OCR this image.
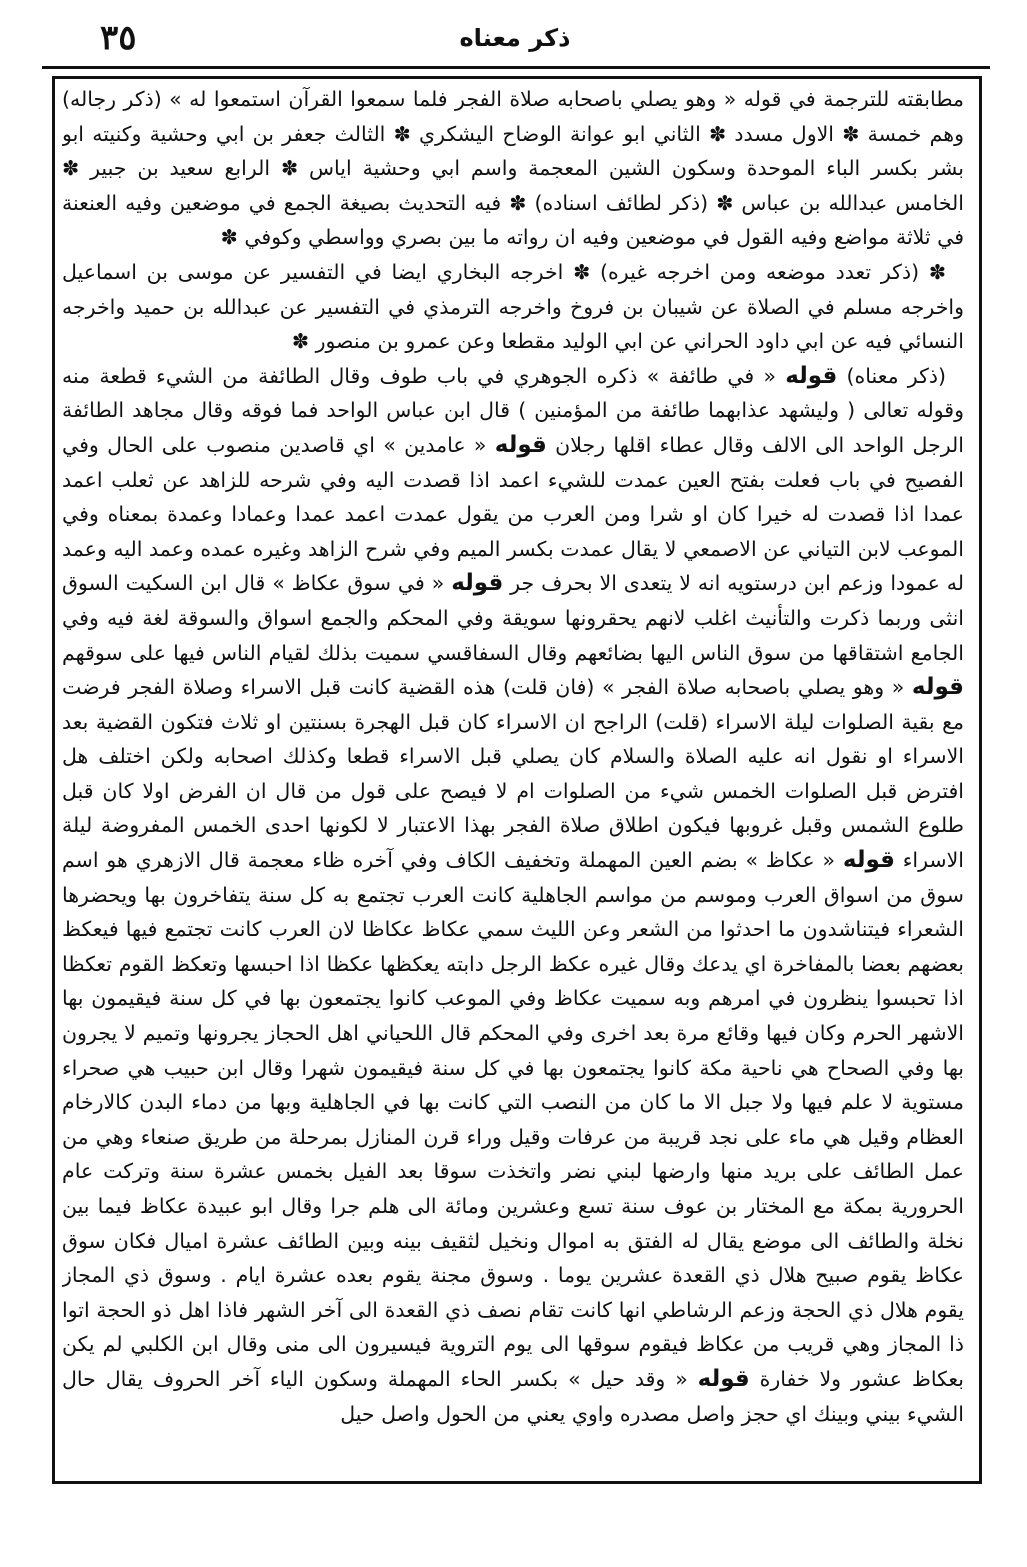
٣٥	ذكر معناه

مطابقته للترجمة في قوله « وهو يصلي باصحابه صلاة الفجر فلما سمعوا القرآن استمعوا له » (ذكر رجاله) وهم خمسة ✽ الاول مسدد ✽ الثاني ابو عوانة الوضاح اليشكري ✽ الثالث جعفر بن ابي وحشية وكنيته ابو بشر بكسر الباء الموحدة وسكون الشين المعجمة واسم ابي وحشية اياس ✽ الرابع سعيد بن جبير ✽ الخامس عبدالله بن عباس ✽ (ذكر لطائف اسناده) ✽ فيه التحديث بصيغة الجمع في موضعين وفيه العنعنة في ثلاثة مواضع وفيه القول في موضعين وفيه ان رواته ما بين بصري وواسطي وكوفي ✽

✽ (ذكر تعدد موضعه ومن اخرجه غيره) ✽ اخرجه البخاري ايضا في التفسير عن موسى بن اسماعيل واخرجه مسلم في الصلاة عن شيبان بن فروخ واخرجه الترمذي في التفسير عن عبدالله بن حميد واخرجه النسائي فيه عن ابي داود الحراني عن ابي الوليد مقطعا وعن عمرو بن منصور ✽

(ذكر معناه) قوله « في طائفة » ذكره الجوهري في باب طوف وقال الطائفة من الشيء قطعة منه وقوله تعالى ( وليشهد عذابهما طائفة من المؤمنين ) قال ابن عباس الواحد فما فوقه وقال مجاهد الطائفة الرجل الواحد الى الالف وقال عطاء اقلها رجلان قوله « عامدين » اي قاصدين منصوب على الحال وفي الفصيح في باب فعلت بفتح العين عمدت للشيء اعمد اذا قصدت اليه وفي شرحه للزاهد عن ثعلب اعمد عمدا اذا قصدت له خيرا كان او شرا ومن العرب من يقول عمدت اعمد عمدا وعمادا وعمدة بمعناه وفي الموعب لابن التياني عن الاصمعي لا يقال عمدت بكسر الميم وفي شرح الزاهد وغيره عمده وعمد اليه وعمد له عمودا وزعم ابن درستويه انه لا يتعدى الا بحرف جر قوله « في سوق عكاظ » قال ابن السكيت السوق انثى وربما ذكرت والتأنيث اغلب لانهم يحقرونها سويقة وفي المحكم والجمع اسواق والسوقة لغة فيه وفي الجامع اشتقاقها من سوق الناس اليها بضائعهم وقال السفاقسي سميت بذلك لقيام الناس فيها على سوقهم قوله « وهو يصلي باصحابه صلاة الفجر » (فان قلت) هذه القضية كانت قبل الاسراء وصلاة الفجر فرضت مع بقية الصلوات ليلة الاسراء (قلت) الراجح ان الاسراء كان قبل الهجرة بسنتين او ثلاث فتكون القضية بعد الاسراء او نقول انه عليه الصلاة والسلام كان يصلي قبل الاسراء قطعا وكذلك اصحابه ولكن اختلف هل افترض قبل الصلوات الخمس شيء من الصلوات ام لا فيصح على قول من قال ان الفرض اولا كان قبل طلوع الشمس وقبل غروبها فيكون اطلاق صلاة الفجر بهذا الاعتبار لا لكونها احدى الخمس المفروضة ليلة الاسراء قوله « عكاظ » بضم العين المهملة وتخفيف الكاف وفي آخره ظاء معجمة قال الازهري هو اسم سوق من اسواق العرب وموسم من مواسم الجاهلية كانت العرب تجتمع به كل سنة يتفاخرون بها ويحضرها الشعراء فيتناشدون ما احدثوا من الشعر وعن الليث سمي عكاظ عكاظا لان العرب كانت تجتمع فيها فيعكظ بعضهم بعضا بالمفاخرة اي يدعك وقال غيره عكظ الرجل دابته يعكظها عكظا اذا احبسها وتعكظ القوم تعكظا اذا تحبسوا ينظرون في امرهم وبه سميت عكاظ وفي الموعب كانوا يجتمعون بها في كل سنة فيقيمون بها الاشهر الحرم وكان فيها وقائع مرة بعد اخرى وفي المحكم قال اللحياني اهل الحجاز يجرونها وتميم لا يجرون بها وفي الصحاح هي ناحية مكة كانوا يجتمعون بها في كل سنة فيقيمون شهرا وقال ابن حبيب هي صحراء مستوية لا علم فيها ولا جبل الا ما كان من النصب التي كانت بها في الجاهلية وبها من دماء البدن كالارخام العظام وقيل هي ماء على نجد قريبة من عرفات وقيل وراء قرن المنازل بمرحلة من طريق صنعاء وهي من عمل الطائف على بريد منها وارضها لبني نضر واتخذت سوقا بعد الفيل بخمس عشرة سنة وتركت عام الحرورية بمكة مع المختار بن عوف سنة تسع وعشرين ومائة الى هلم جرا وقال ابو عبيدة عكاظ فيما بين نخلة والطائف الى موضع يقال له الفتق به اموال ونخيل لثقيف بينه وبين الطائف عشرة اميال فكان سوق عكاظ يقوم صبيح هلال ذي القعدة عشرين يوما . وسوق مجنة يقوم بعده عشرة ايام . وسوق ذي المجاز يقوم هلال ذي الحجة وزعم الرشاطي انها كانت تقام نصف ذي القعدة الى آخر الشهر فاذا اهل ذو الحجة اتوا ذا المجاز وهي قريب من عكاظ فيقوم سوقها الى يوم التروية فيسيرون الى منى وقال ابن الكلبي لم يكن بعكاظ عشور ولا خفارة قوله « وقد حيل » بكسر الحاء المهملة وسكون الياء آخر الحروف يقال حال الشيء بيني وبينك اي حجز واصل مصدره واوي يعني من الحول واصل حيل
